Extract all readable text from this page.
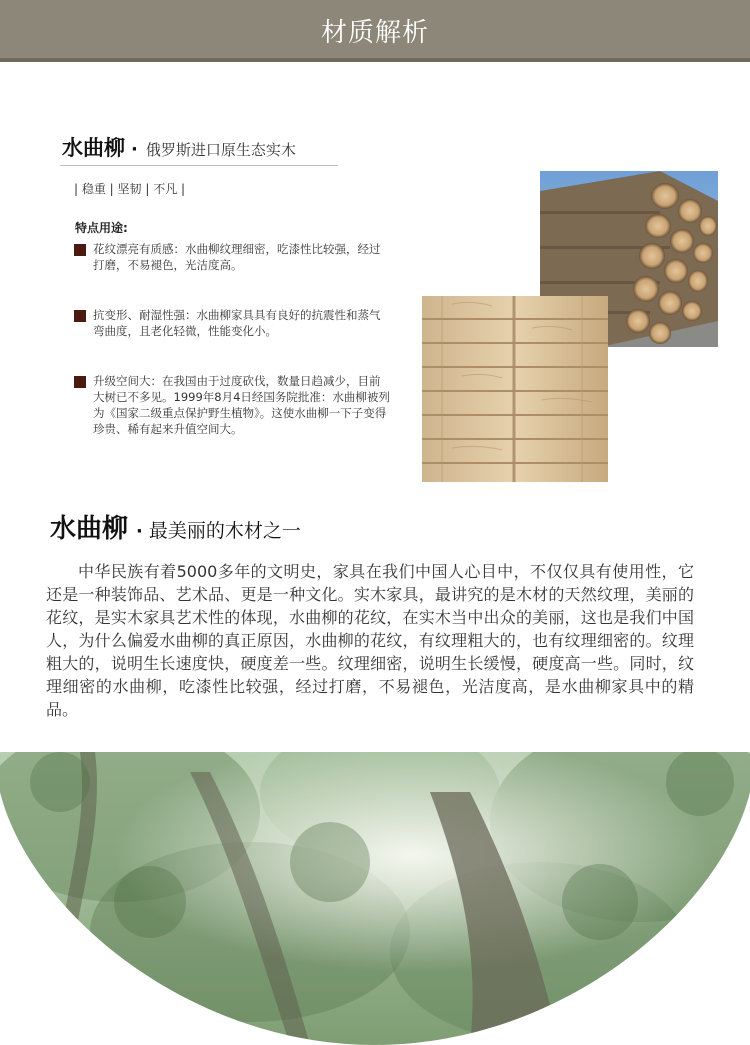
材质解析
水曲柳 · 俄罗斯进口原生态实木
| 稳重 | 坚韧 | 不凡 |
特点用途:
花纹漂亮有质感：水曲柳纹理细密，吃漆性比较强，经过打磨，不易褪色，光洁度高。
抗变形、耐湿性强：水曲柳家具具有良好的抗震性和蒸气弯曲度，且老化轻微，性能变化小。
升级空间大：在我国由于过度砍伐，数量日趋减少，目前大树已不多见。1999年8月4日经国务院批准：水曲柳被列为《国家二级重点保护野生植物》。这使水曲柳一下子变得珍贵、稀有起来升值空间大。
水曲柳 · 最美丽的木材之一
中华民族有着5000多年的文明史，家具在我们中国人心目中，不仅仅具有使用性，它还是一种装饰品、艺术品、更是一种文化。实木家具，最讲究的是木材的天然纹理，美丽的花纹，是实木家具艺术性的体现，水曲柳的花纹，在实木当中出众的美丽，这也是我们中国人，为什么偏爱水曲柳的真正原因，水曲柳的花纹，有纹理粗大的，也有纹理细密的。纹理粗大的，说明生长速度快，硬度差一些。纹理细密，说明生长缓慢，硬度高一些。同时，纹理细密的水曲柳，吃漆性比较强，经过打磨，不易褪色，光洁度高，是水曲柳家具中的精品。
